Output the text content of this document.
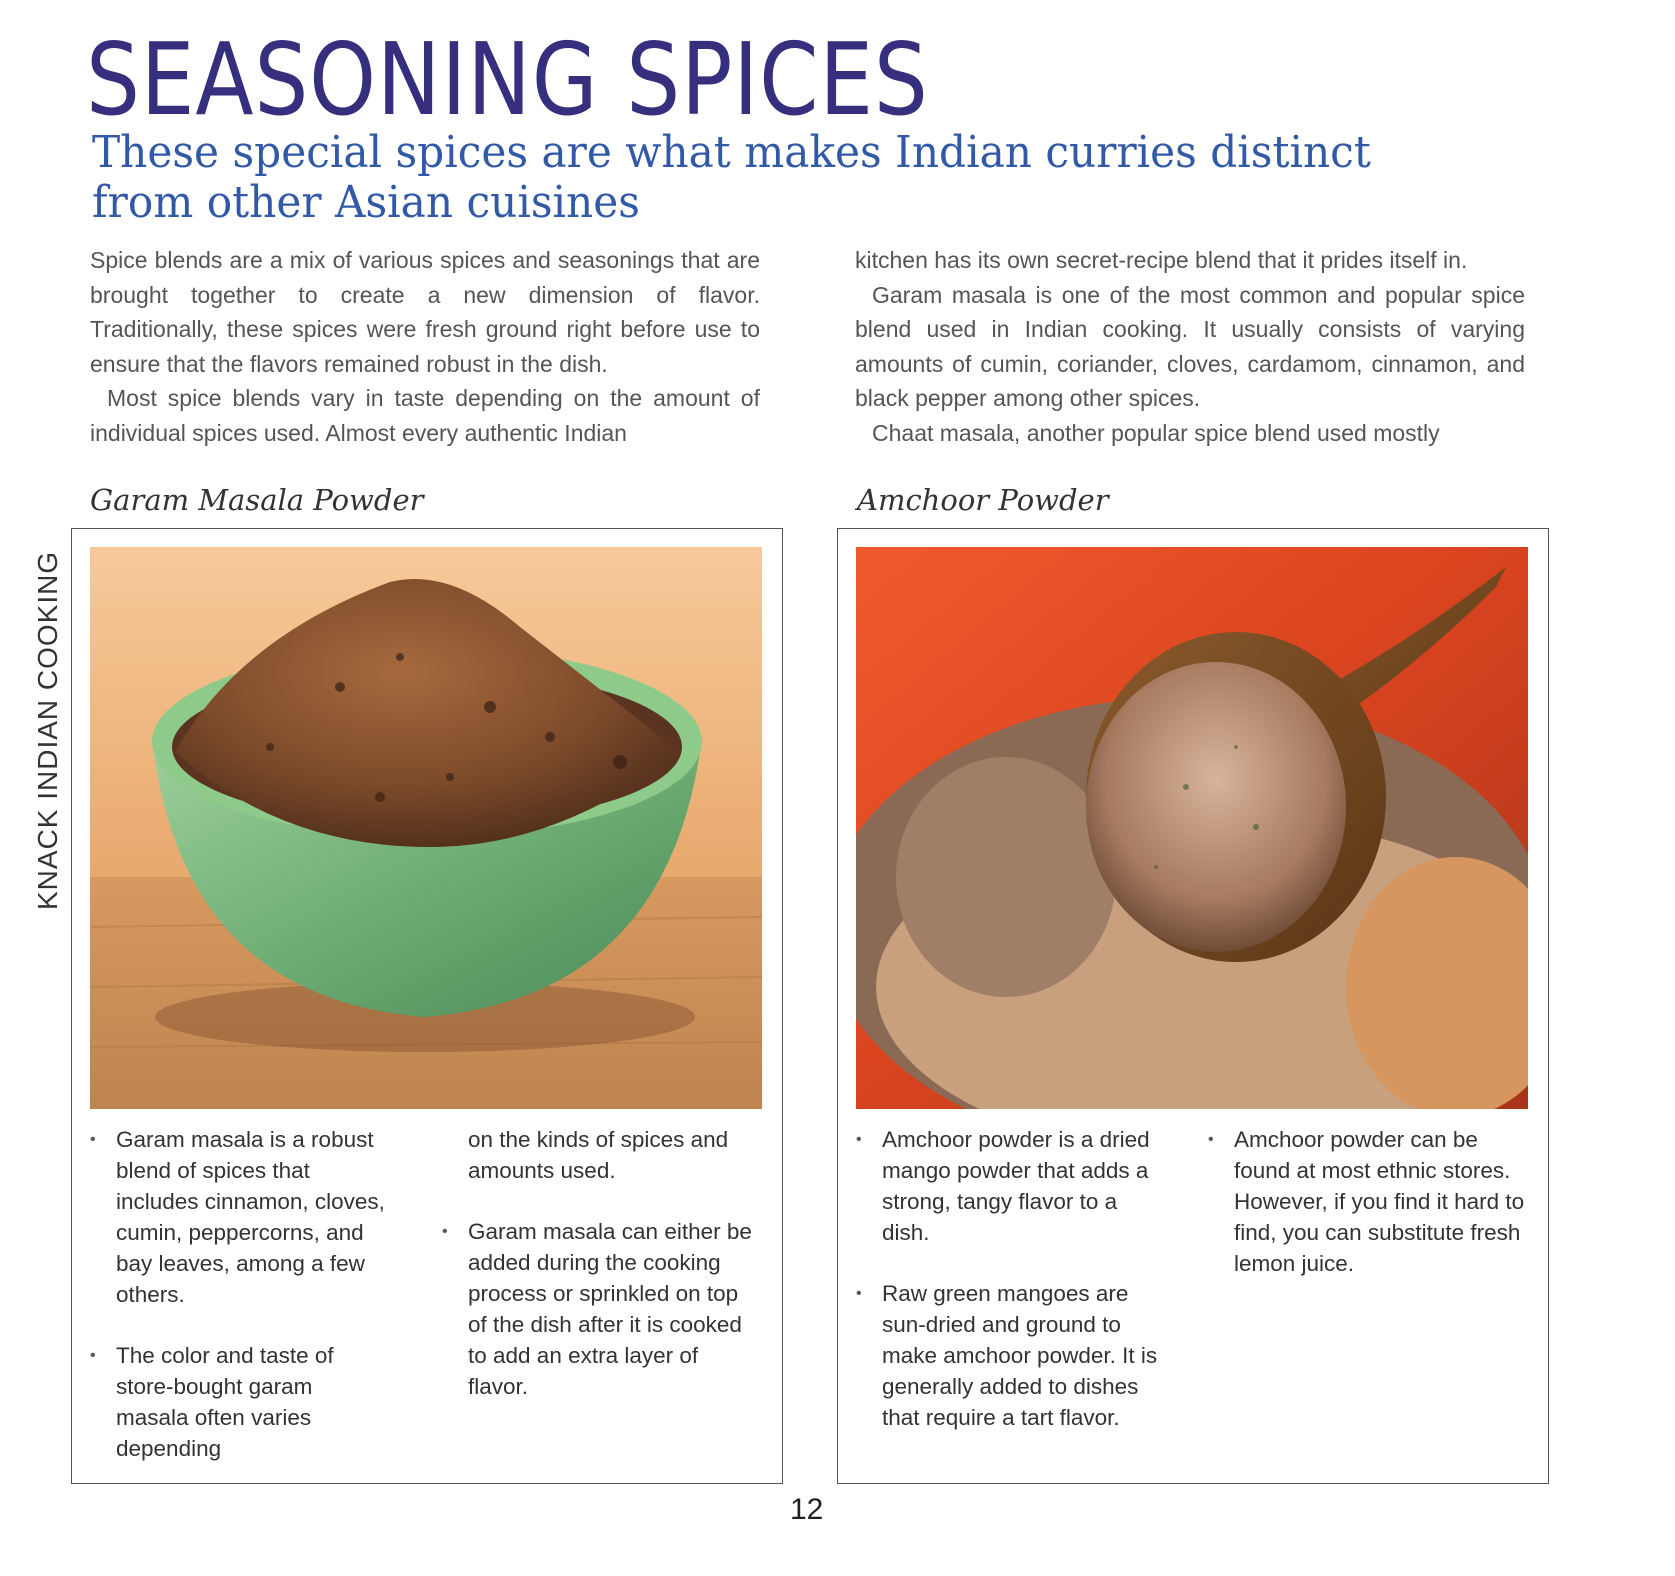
SEASONING SPICES
These special spices are what makes Indian curries distinct from other Asian cuisines

Spice blends are a mix of various spices and seasonings that are brought together to create a new dimension of flavor. Traditionally, these spices were fresh ground right before use to ensure that the flavors remained robust in the dish.

Most spice blends vary in taste depending on the amount of individual spices used. Almost every authentic Indian

kitchen has its own secret-recipe blend that it prides itself in.

Garam masala is one of the most common and popular spice blend used in Indian cooking. It usually consists of varying amounts of cumin, coriander, cloves, cardamom, cinnamon, and black pepper among other spices.

Chaat masala, another popular spice blend used mostly

KNACK INDIAN COOKING
Garam Masala Powder	Amchoor Powder
• Garam masala is a robust blend of spices that includes cinnamon, cloves, cumin, peppercorns, and bay leaves, among a few others.
• The color and taste of store-bought garam masala often varies depending
on the kinds of spices and amounts used.
• Garam masala can either be added during the cooking process or sprinkled on top of the dish after it is cooked to add an extra layer of flavor.
• Amchoor powder is a dried mango powder that adds a strong, tangy flavor to a dish.
• Raw green mangoes are sun-dried and ground to make amchoor powder. It is generally added to dishes that require a tart flavor.
• Amchoor powder can be found at most ethnic stores. However, if you find it hard to find, you can substitute fresh lemon juice.
12
